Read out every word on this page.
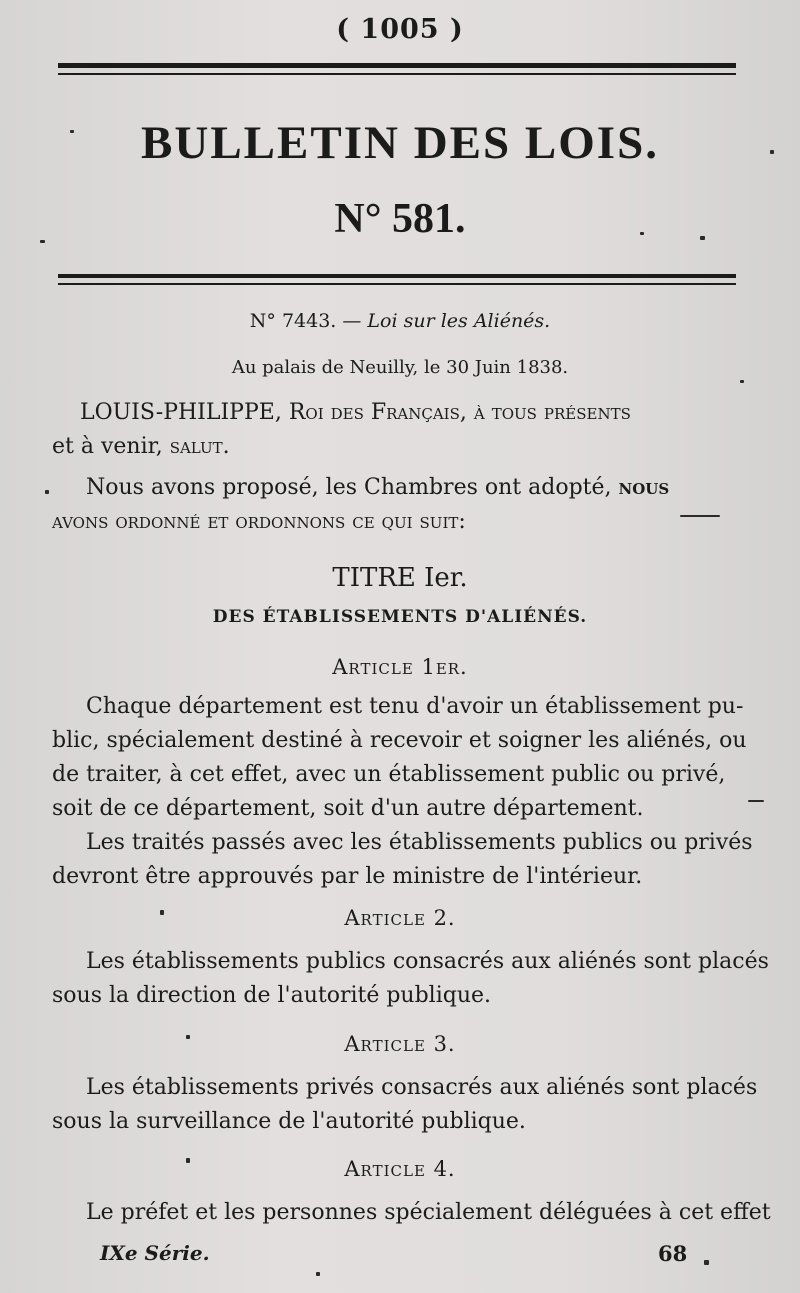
( 1005 )
BULLETIN DES LOIS.
N° 581.
N° 7443. — Loi sur les Aliénés.
Au palais de Neuilly, le 30 Juin 1838.
LOUIS-PHILIPPE, Roi des Français, à tous présents
et à venir, salut.
Nous avons proposé, les Chambres ont adopté, nous
avons ordonné et ordonnons ce qui suit:
TITRE Ier.
DES ÉTABLISSEMENTS D'ALIÉNÉS.
Article 1er.
Chaque département est tenu d'avoir un établissement pu-
blic, spécialement destiné à recevoir et soigner les aliénés, ou
de traiter, à cet effet, avec un établissement public ou privé,
soit de ce département, soit d'un autre département.
Les traités passés avec les établissements publics ou privés
devront être approuvés par le ministre de l'intérieur.
Article 2.
Les établissements publics consacrés aux aliénés sont placés
sous la direction de l'autorité publique.
Article 3.
Les établissements privés consacrés aux aliénés sont placés
sous la surveillance de l'autorité publique.
Article 4.
Le préfet et les personnes spécialement déléguées à cet effet
IXe Série.	68
